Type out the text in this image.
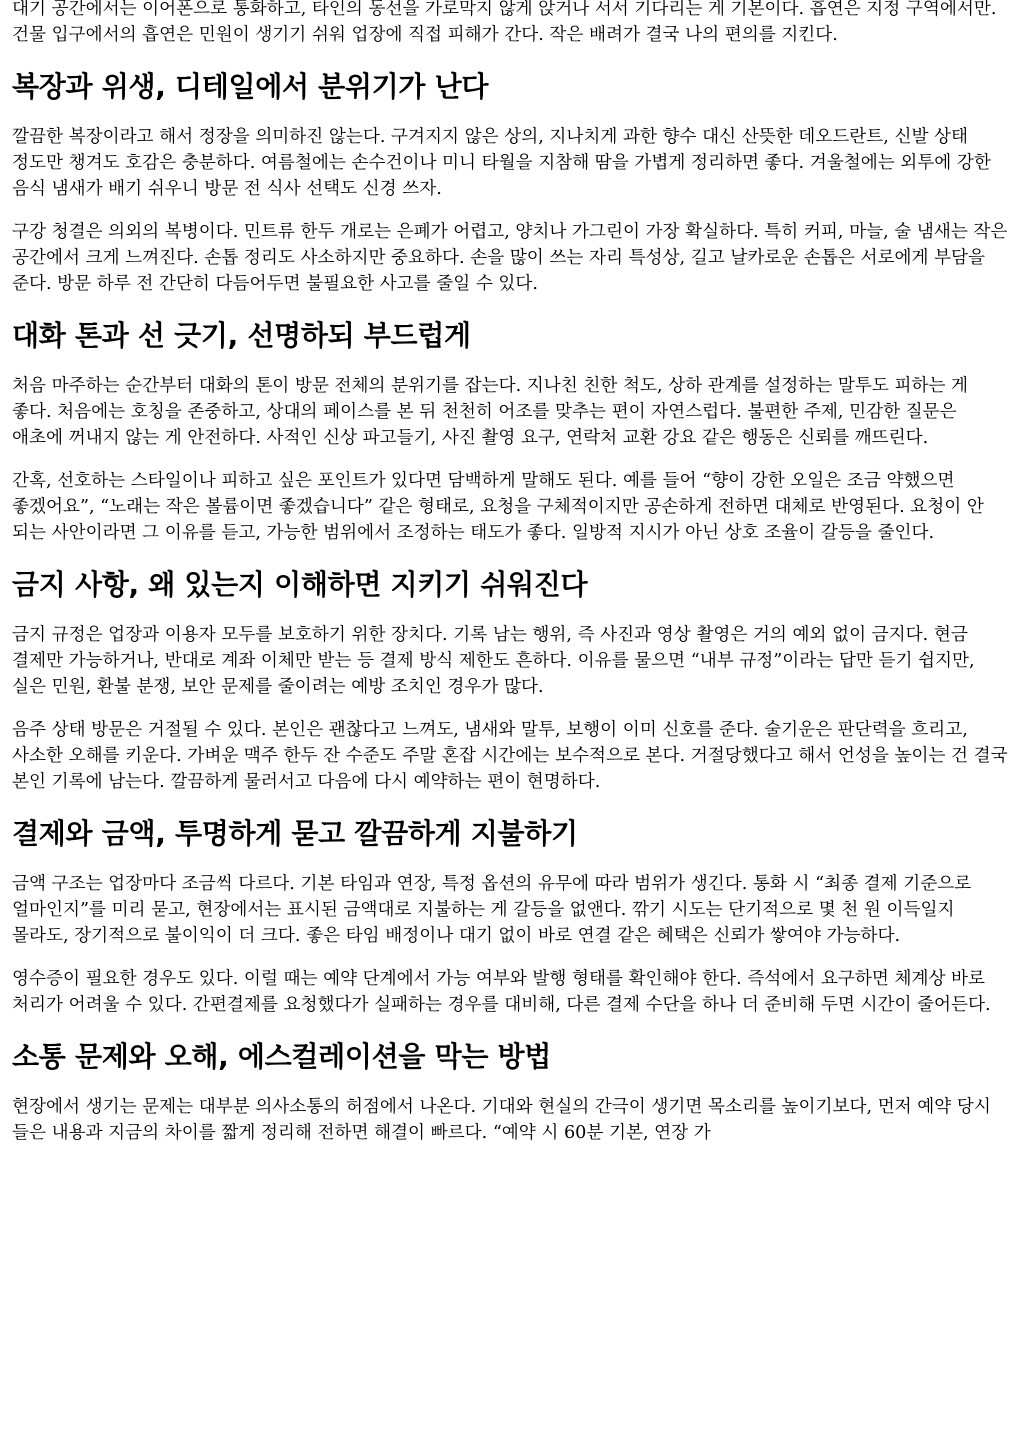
대기 공간에서는 이어폰으로 통화하고, 타인의 동선을 가로막지 않게 앉거나 서서 기다리는 게 기본이다. 흡연은 지정 구역에서만. 건물 입구에서의 흡연은 민원이 생기기 쉬워 업장에 직접 피해가 간다. 작은 배려가 결국 나의 편의를 지킨다.

복장과 위생, 디테일에서 분위기가 난다

깔끔한 복장이라고 해서 정장을 의미하진 않는다. 구겨지지 않은 상의, 지나치게 과한 향수 대신 산뜻한 데오드란트, 신발 상태 정도만 챙겨도 호감은 충분하다. 여름철에는 손수건이나 미니 타월을 지참해 땀을 가볍게 정리하면 좋다. 겨울철에는 외투에 강한 음식 냄새가 배기 쉬우니 방문 전 식사 선택도 신경 쓰자.

구강 청결은 의외의 복병이다. 민트류 한두 개로는 은폐가 어렵고, 양치나 가그린이 가장 확실하다. 특히 커피, 마늘, 술 냄새는 작은 공간에서 크게 느껴진다. 손톱 정리도 사소하지만 중요하다. 손을 많이 쓰는 자리 특성상, 길고 날카로운 손톱은 서로에게 부담을 준다. 방문 하루 전 간단히 다듬어두면 불필요한 사고를 줄일 수 있다.

대화 톤과 선 긋기, 선명하되 부드럽게

처음 마주하는 순간부터 대화의 톤이 방문 전체의 분위기를 잡는다. 지나친 친한 척도, 상하 관계를 설정하는 말투도 피하는 게 좋다. 처음에는 호칭을 존중하고, 상대의 페이스를 본 뒤 천천히 어조를 맞추는 편이 자연스럽다. 불편한 주제, 민감한 질문은 애초에 꺼내지 않는 게 안전하다. 사적인 신상 파고들기, 사진 촬영 요구, 연락처 교환 강요 같은 행동은 신뢰를 깨뜨린다.

간혹, 선호하는 스타일이나 피하고 싶은 포인트가 있다면 담백하게 말해도 된다. 예를 들어 “향이 강한 오일은 조금 약했으면 좋겠어요”, “노래는 작은 볼륨이면 좋겠습니다” 같은 형태로, 요청을 구체적이지만 공손하게 전하면 대체로 반영된다. 요청이 안 되는 사안이라면 그 이유를 듣고, 가능한 범위에서 조정하는 태도가 좋다. 일방적 지시가 아닌 상호 조율이 갈등을 줄인다.

금지 사항, 왜 있는지 이해하면 지키기 쉬워진다

금지 규정은 업장과 이용자 모두를 보호하기 위한 장치다. 기록 남는 행위, 즉 사진과 영상 촬영은 거의 예외 없이 금지다. 현금 결제만 가능하거나, 반대로 계좌 이체만 받는 등 결제 방식 제한도 흔하다. 이유를 물으면 “내부 규정”이라는 답만 듣기 쉽지만, 실은 민원, 환불 분쟁, 보안 문제를 줄이려는 예방 조치인 경우가 많다.

음주 상태 방문은 거절될 수 있다. 본인은 괜찮다고 느껴도, 냄새와 말투, 보행이 이미 신호를 준다. 술기운은 판단력을 흐리고, 사소한 오해를 키운다. 가벼운 맥주 한두 잔 수준도 주말 혼잡 시간에는 보수적으로 본다. 거절당했다고 해서 언성을 높이는 건 결국 본인 기록에 남는다. 깔끔하게 물러서고 다음에 다시 예약하는 편이 현명하다.

결제와 금액, 투명하게 묻고 깔끔하게 지불하기

금액 구조는 업장마다 조금씩 다르다. 기본 타임과 연장, 특정 옵션의 유무에 따라 범위가 생긴다. 통화 시 “최종 결제 기준으로 얼마인지”를 미리 묻고, 현장에서는 표시된 금액대로 지불하는 게 갈등을 없앤다. 깎기 시도는 단기적으로 몇 천 원 이득일지 몰라도, 장기적으로 불이익이 더 크다. 좋은 타임 배정이나 대기 없이 바로 연결 같은 혜택은 신뢰가 쌓여야 가능하다.

영수증이 필요한 경우도 있다. 이럴 때는 예약 단계에서 가능 여부와 발행 형태를 확인해야 한다. 즉석에서 요구하면 체계상 바로 처리가 어려울 수 있다. 간편결제를 요청했다가 실패하는 경우를 대비해, 다른 결제 수단을 하나 더 준비해 두면 시간이 줄어든다.

소통 문제와 오해, 에스컬레이션을 막는 방법

현장에서 생기는 문제는 대부분 의사소통의 허점에서 나온다. 기대와 현실의 간극이 생기면 목소리를 높이기보다, 먼저 예약 당시 들은 내용과 지금의 차이를 짧게 정리해 전하면 해결이 빠르다. “예약 시 60분 기본, 연장 가
